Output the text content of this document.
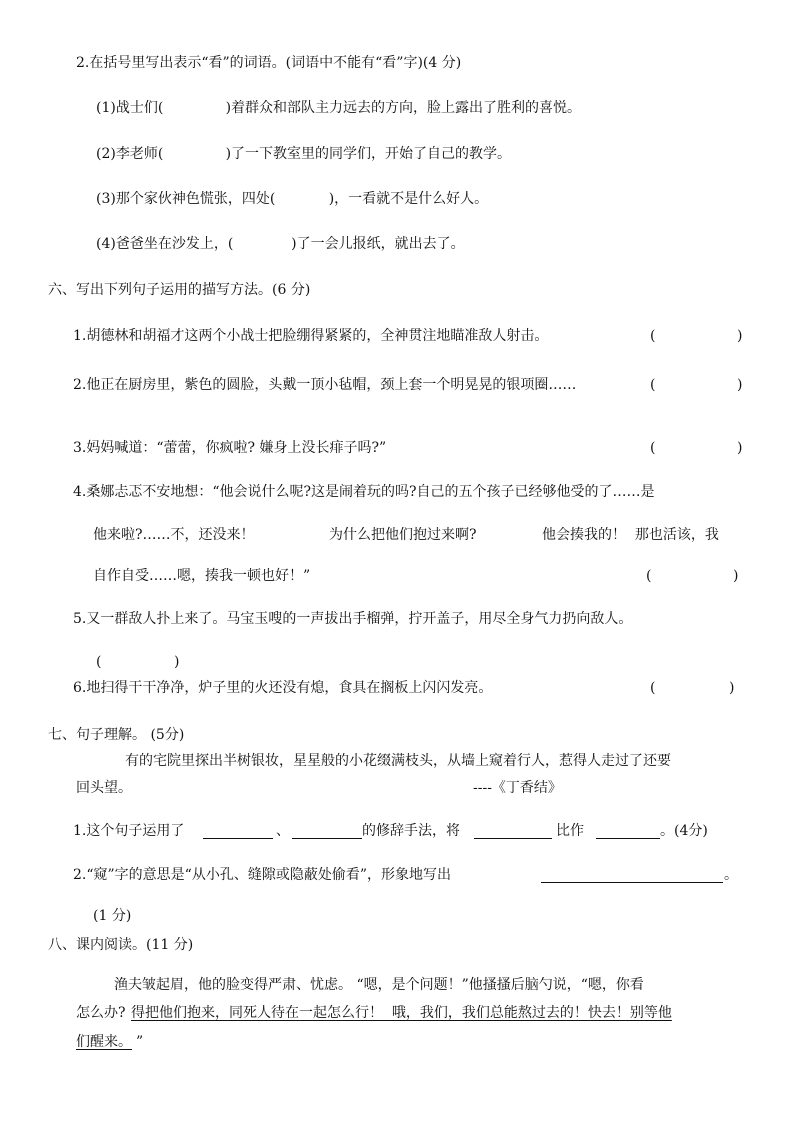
2.在括号里写出表示“看”的词语。(词语中不能有“看”字)(4 分)
(1)战士们(              )着群众和部队主力远去的方向，脸上露出了胜利的喜悦。
(2)李老师(              )了一下教室里的同学们，开始了自己的教学。
(3)那个家伙神色慌张，四处(            )，一看就不是什么好人。
(4)爸爸坐在沙发上，(             )了一会儿报纸，就出去了。
六、写出下列句子运用的描写方法。(6 分)
1.胡德林和胡福才这两个小战士把脸绷得紧紧的，全神贯注地瞄准敌人射击。	(	)
2.他正在厨房里，紫色的圆脸，头戴一顶小毡帽，颈上套一个明晃晃的银项圈……	(	)
3.妈妈喊道：“蕾蕾，你疯啦? 嫌身上没长痱子吗?”	(	)
4.桑娜忐忑不安地想：“他会说什么呢?这是闹着玩的吗?自己的五个孩子已经够他受的了……是
他来啦?……不，还没来！	为什么把他们抱过来啊?	他会揍我的！  那也活该，我
自作自受……嗯，揍我一顿也好！”	(	)
5.又一群敌人扑上来了。马宝玉嗖的一声拔出手榴弹，拧开盖子，用尽全身气力扔向敌人。
(	)
6.地扫得干干净净，炉子里的火还没有熄，食具在搁板上闪闪发亮。	(	)
七、句子理解。 (5分)
有的宅院里探出半树银妆，星星般的小花缀满枝头，从墙上窥着行人，惹得人走过了还要
回头望。	----《丁香结》
1.这个句子运用了	、	的修辞手法，将	比作	。(4分)
2.“窥”字的意思是“从小孔、缝隙或隐蔽处偷看”，形象地写出	。
(1 分)
八、课内阅读。(11 分)
渔夫皱起眉，他的脸变得严肃、忧虑。 “嗯，是个问题！”他搔搔后脑勺说，“嗯，你看
怎么办? 得把他们抱来，同死人待在一起怎么行！  哦，我们，我们总能熬过去的！快去！别等他
们醒来。 ”
